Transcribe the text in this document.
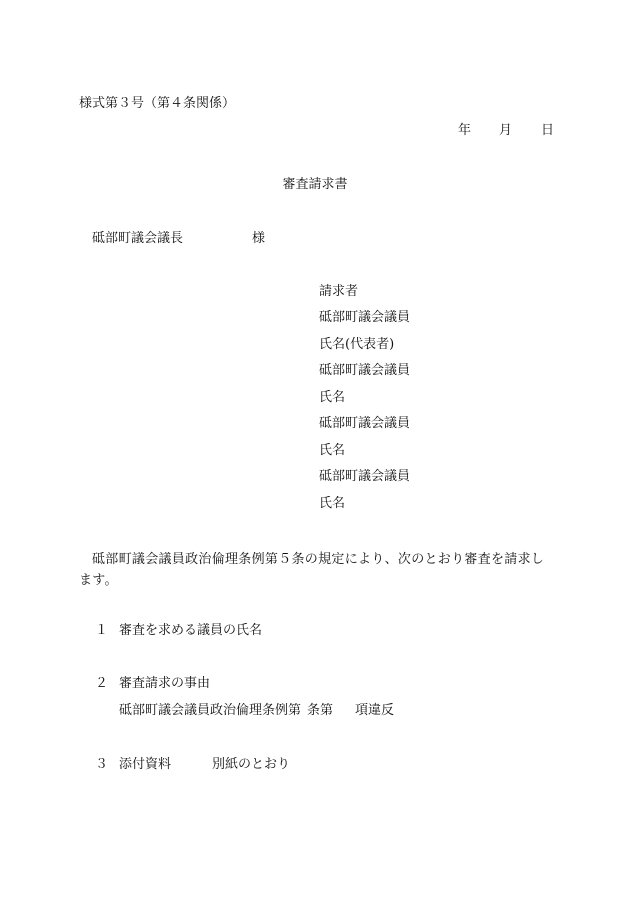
様式第３号（第４条関係）
年 月 日
審査請求書
砥部町議会議長	様
請求者
砥部町議会議員
氏名(代表者)
砥部町議会議員
氏名
砥部町議会議員
氏名
砥部町議会議員
氏名
砥部町議会議員政治倫理条例第５条の規定により、次のとおり審査を請求します。
１ 審査を求める議員の氏名
２ 審査請求の事由
砥部町議会議員政治倫理条例第 条第 項違反
３ 添付資料	別紙のとおり
